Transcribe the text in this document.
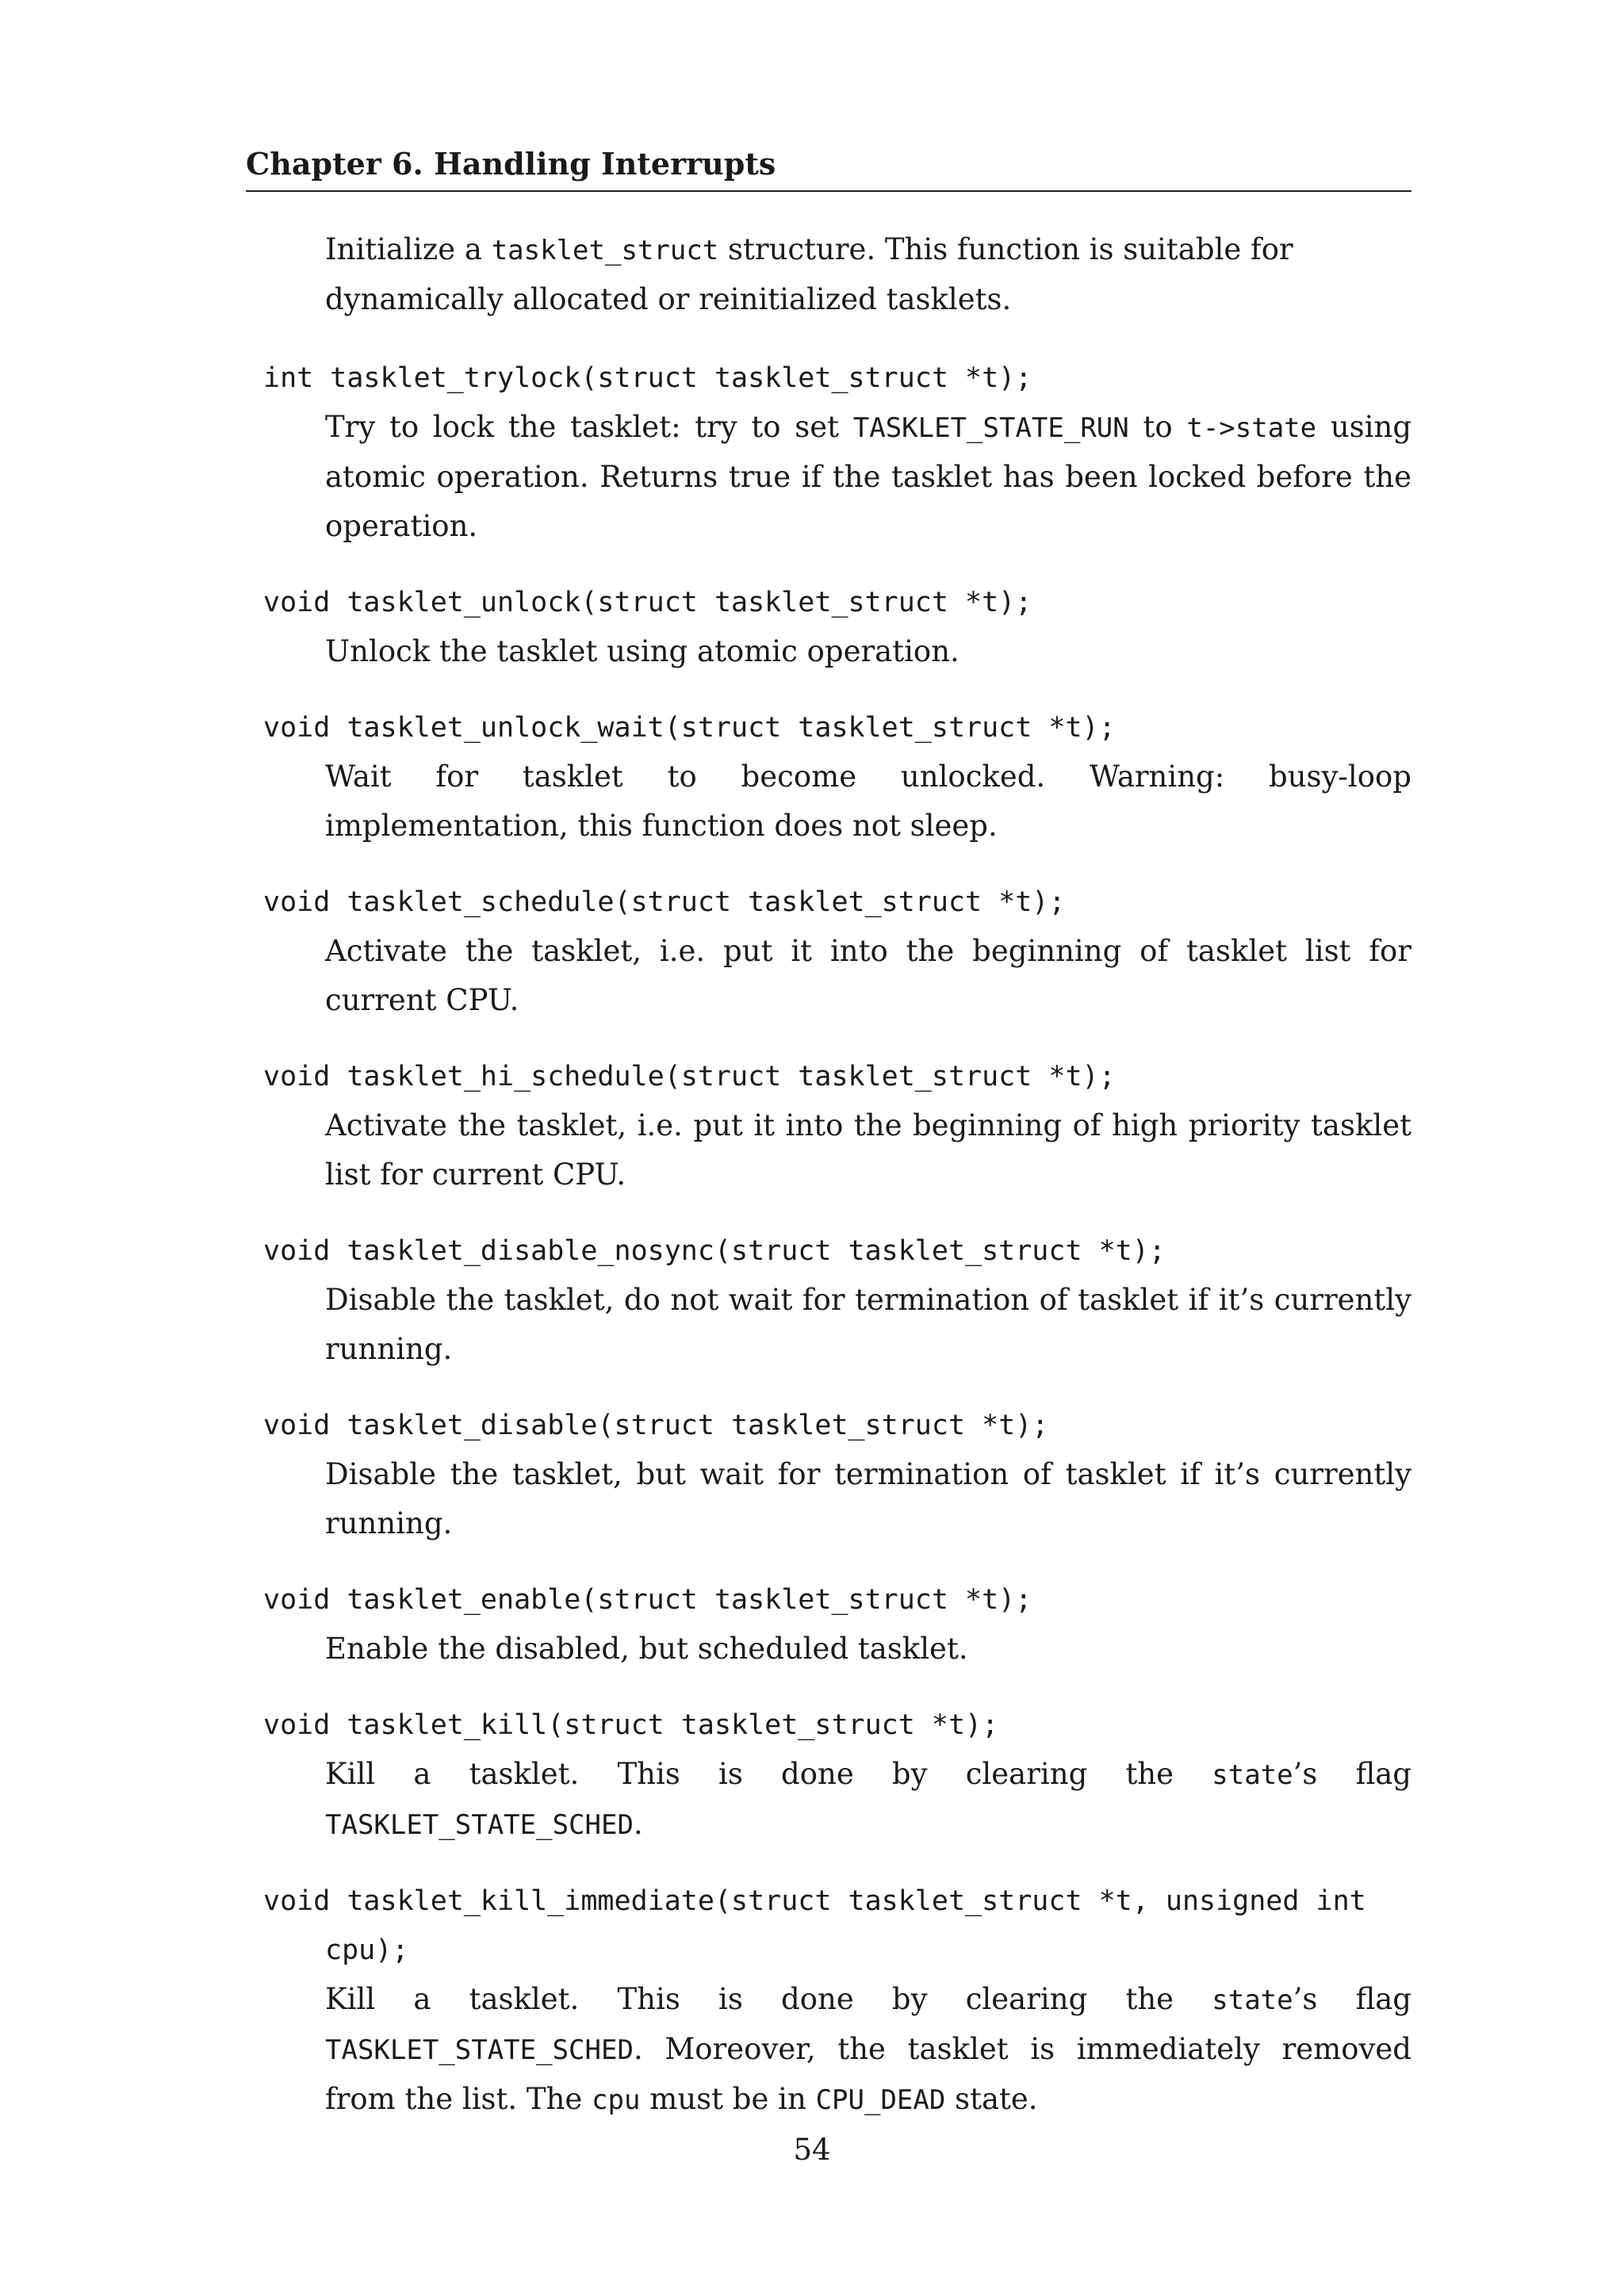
Chapter 6. Handling Interrupts

Initialize a tasklet_struct structure. This function is suitable for dynamically allocated or reinitialized tasklets.

int tasklet_trylock(struct tasklet_struct *t);
Try to lock the tasklet: try to set TASKLET_STATE_RUN to t->state using atomic operation. Returns true if the tasklet has been locked before the operation.
void tasklet_unlock(struct tasklet_struct *t);
Unlock the tasklet using atomic operation.
void tasklet_unlock_wait(struct tasklet_struct *t);
Wait for tasklet to become unlocked. Warning: busy-loop implementation, this function does not sleep.
void tasklet_schedule(struct tasklet_struct *t);
Activate the tasklet, i.e. put it into the beginning of tasklet list for current CPU.
void tasklet_hi_schedule(struct tasklet_struct *t);
Activate the tasklet, i.e. put it into the beginning of high priority tasklet list for current CPU.
void tasklet_disable_nosync(struct tasklet_struct *t);
Disable the tasklet, do not wait for termination of tasklet if it’s currently running.
void tasklet_disable(struct tasklet_struct *t);
Disable the tasklet, but wait for termination of tasklet if it’s currently running.
void tasklet_enable(struct tasklet_struct *t);
Enable the disabled, but scheduled tasklet.
void tasklet_kill(struct tasklet_struct *t);
Kill a tasklet. This is done by clearing the state’s flag TASKLET_STATE_SCHED.
void tasklet_kill_immediate(struct tasklet_struct *t, unsigned int
cpu);
Kill a tasklet. This is done by clearing the state’s flag TASKLET_STATE_SCHED. Moreover, the tasklet is immediately removed from the list. The cpu must be in CPU_DEAD state.
54
